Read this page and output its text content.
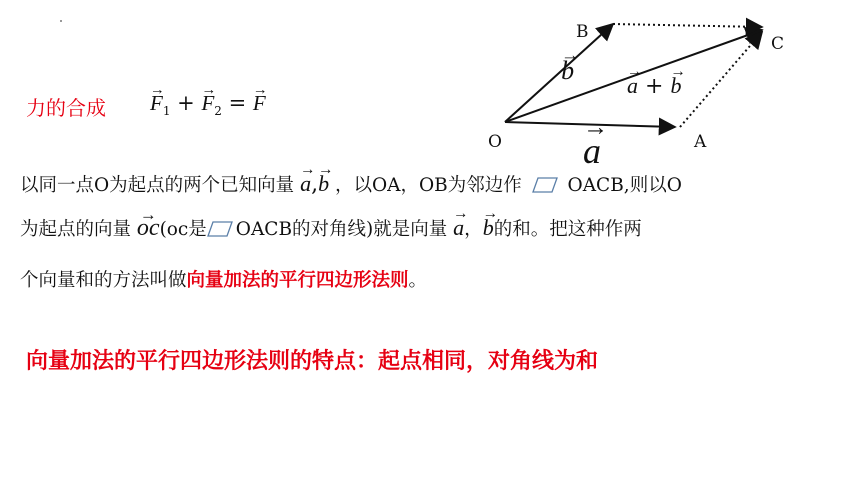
力的合成 → $F_1$ + → $F_2$ = → F
O	A
B
C
→ a → b
→ a + → b
以同一点O为起点的两个已知向量 → a,→ b ，以OA，OB为邻边作 OACB,则以O
为起点的向量 → oc(oc是 OACB的对角线)就是向量 → a，→ b的和。把这种作两
个向量和的方法叫做向量加法的平行四边形法则。
向量加法的平行四边形法则的特点：起点相同，对角线为和
